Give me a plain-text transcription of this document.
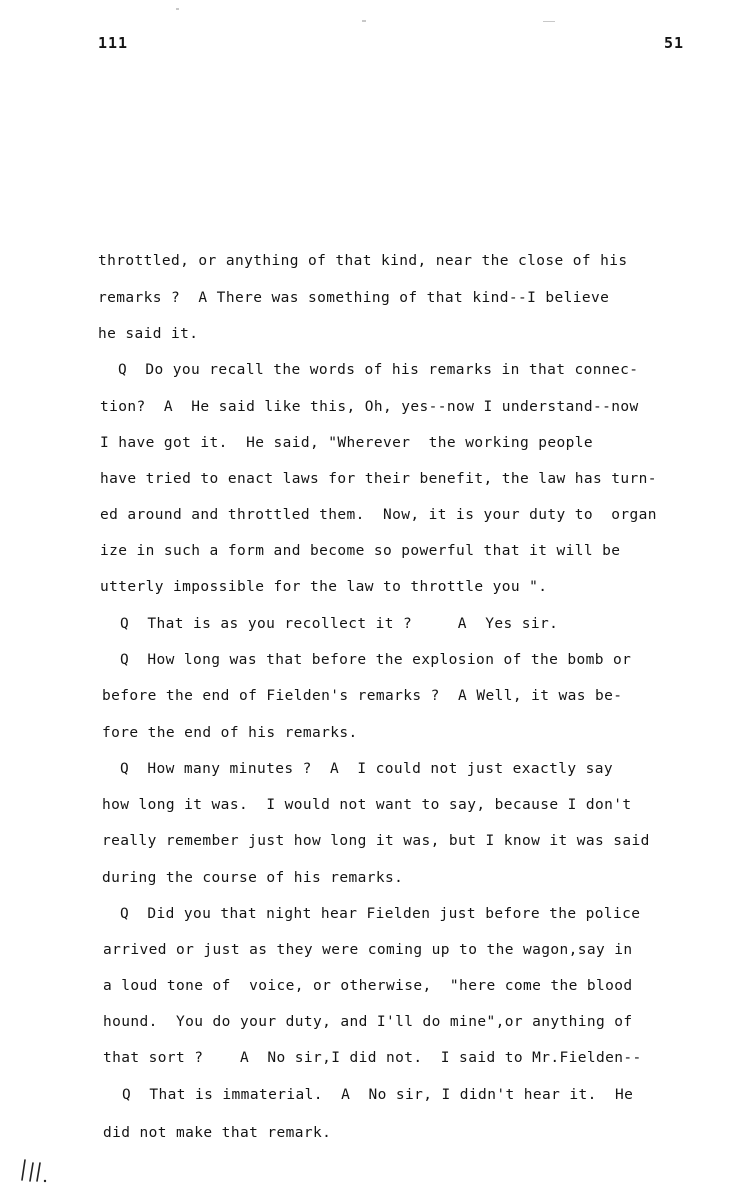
111	51
throttled, or anything of that kind, near the close of his
remarks ?  A There was something of that kind--I believe
he said it.
Q  Do you recall the words of his remarks in that connec-
tion?  A  He said like this, Oh, yes--now I understand--now
I have got it.  He said, "Wherever  the working people
have tried to enact laws for their benefit, the law has turn-
ed around and throttled them.  Now, it is your duty to  organ
ize in such a form and become so powerful that it will be
utterly impossible for the law to throttle you ".
Q  That is as you recollect it ?     A  Yes sir.
Q  How long was that before the explosion of the bomb or
before the end of Fielden's remarks ?  A Well, it was be-
fore the end of his remarks.
Q  How many minutes ?  A  I could not just exactly say
how long it was.  I would not want to say, because I don't
really remember just how long it was, but I know it was said
during the course of his remarks.
Q  Did you that night hear Fielden just before the police
arrived or just as they were coming up to the wagon,say in
a loud tone of  voice, or otherwise,  "here come the blood
hound.  You do your duty, and I'll do mine",or anything of
that sort ?    A  No sir,I did not.  I said to Mr.Fielden--
Q  That is immaterial.  A  No sir, I didn't hear it.  He
did not make that remark.
